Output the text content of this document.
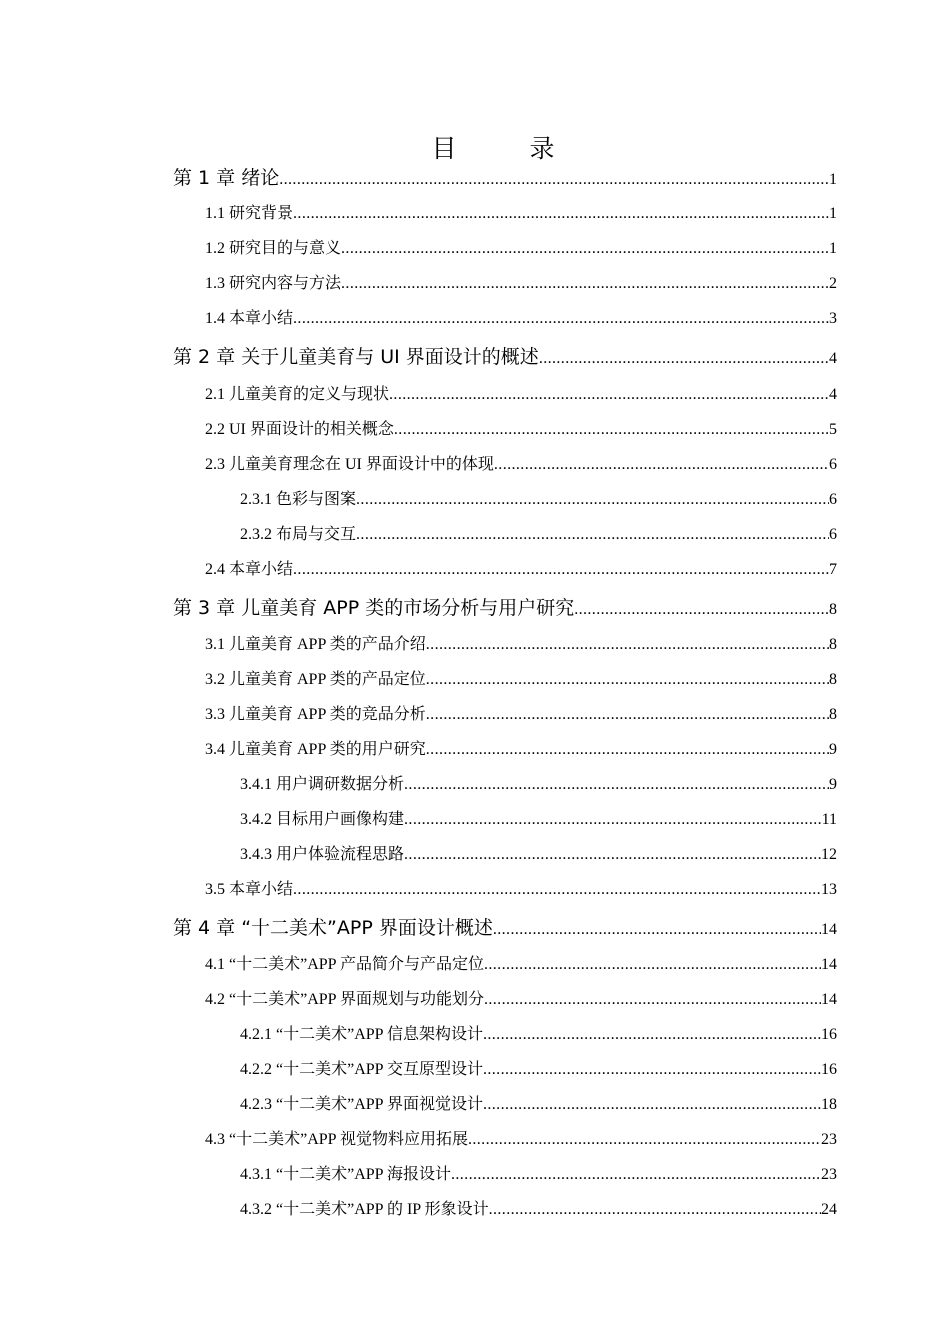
目　录
第 1 章 绪论 .....	1
1.1 研究背景 .....	1
1.2 研究目的与意义 .....	1
1.3 研究内容与方法 .....	2
1.4 本章小结 .....	3
第 2 章 关于儿童美育与 UI 界面设计的概述 .....	4
2.1 儿童美育的定义与现状 .....	4
2.2 UI 界面设计的相关概念 .....	5
2.3 儿童美育理念在 UI 界面设计中的体现 .....	6
2.3.1 色彩与图案 .....	6
2.3.2 布局与交互 .....	6
2.4 本章小结 .....	7
第 3 章 儿童美育 APP 类的市场分析与用户研究 .....	8
3.1 儿童美育 APP 类的产品介绍 .....	8
3.2 儿童美育 APP 类的产品定位 .....	8
3.3 儿童美育 APP 类的竞品分析 .....	8
3.4 儿童美育 APP 类的用户研究 .....	9
3.4.1 用户调研数据分析 .....	9
3.4.2 目标用户画像构建 .....	11
3.4.3 用户体验流程思路 .....	12
3.5 本章小结 .....	13
第 4 章 “十二美术”APP 界面设计概述 .....	14
4.1 “十二美术”APP 产品简介与产品定位 .....	14
4.2 “十二美术”APP 界面规划与功能划分 .....	14
4.2.1 “十二美术”APP 信息架构设计 .....	16
4.2.2 “十二美术”APP 交互原型设计 .....	16
4.2.3 “十二美术”APP 界面视觉设计 .....	18
4.3 “十二美术”APP 视觉物料应用拓展 .....	23
4.3.1 “十二美术”APP 海报设计 .....	23
4.3.2 “十二美术”APP 的 IP 形象设计 .....	24
